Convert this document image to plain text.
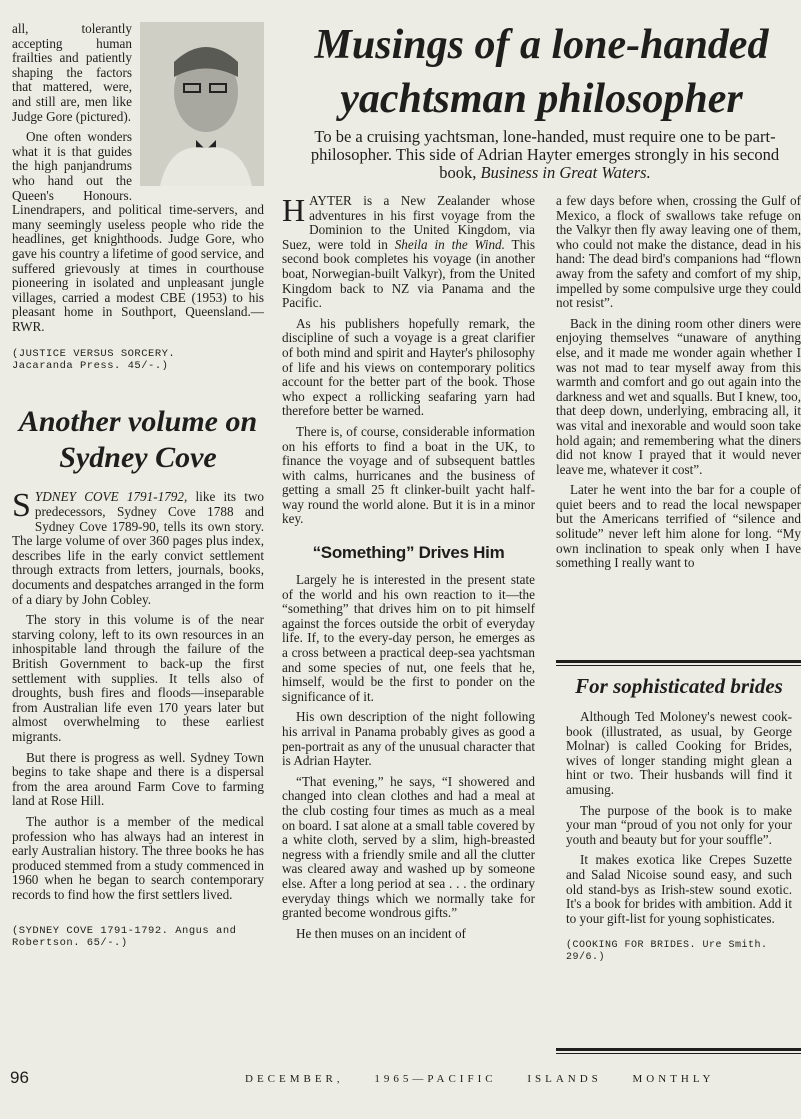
all, tolerantly accepting human frailties and patiently shaping the factors that mattered, were, and still are, men like Judge Gore (pictured).

One often wonders what it is that guides the high panjandrums who hand out the Queen's Honours. Linendrapers, and political time-servers, and many seemingly useless people who ride the headlines, get knighthoods. Judge Gore, who gave his country a lifetime of good service, and suffered grievously at times in courthouse pioneering in isolated and unpleasant jungle villages, carried a modest CBE (1953) to his pleasant home in Southport, Queensland.—RWR.

(JUSTICE VERSUS SORCERY.
Jacaranda Press. 45/-.)
Another volume on Sydney Cove

SYDNEY COVE 1791-1792, like its two predecessors, Sydney Cove 1788 and Sydney Cove 1789-90, tells its own story. The large volume of over 360 pages plus index, describes life in the early convict settlement through extracts from letters, journals, books, documents and despatches arranged in the form of a diary by John Cobley.

The story in this volume is of the near starving colony, left to its own resources in an inhospitable land through the failure of the British Government to back-up the first settlement with supplies. It tells also of droughts, bush fires and floods—inseparable from Australian life even 170 years later but almost overwhelming to these earliest migrants.

But there is progress as well. Sydney Town begins to take shape and there is a dispersal from the area around Farm Cove to farming land at Rose Hill.

The author is a member of the medical profession who has always had an interest in early Australian history. The three books he has produced stemmed from a study commenced in 1960 when he began to search contemporary records to find how the first settlers lived.

(SYDNEY COVE 1791-1792. Angus and Robertson. 65/-.)
Musings of a lone-handed yachtsman philosopher

To be a cruising yachtsman, lone-handed, must require one to be part-philosopher. This side of Adrian Hayter emerges strongly in his second book, Business in Great Waters.

HAYTER is a New Zealander whose adventures in his first voyage from the Dominion to the United Kingdom, via Suez, were told in Sheila in the Wind. This second book completes his voyage (in another boat, Norwegian-built Valkyr), from the United Kingdom back to NZ via Panama and the Pacific.

As his publishers hopefully remark, the discipline of such a voyage is a great clarifier of both mind and spirit and Hayter's philosophy of life and his views on contemporary politics account for the better part of the book. Those who expect a rollicking seafaring yarn had therefore better be warned.

There is, of course, considerable information on his efforts to find a boat in the UK, to finance the voyage and of subsequent battles with calms, hurricanes and the business of getting a small 25 ft clinker-built yacht half-way round the world alone. But it is in a minor key.

“Something” Drives Him

Largely he is interested in the present state of the world and his own reaction to it—the “something” that drives him on to pit himself against the forces outside the orbit of everyday life. If, to the every-day person, he emerges as a cross between a practical deep-sea yachtsman and some species of nut, one feels that he, himself, would be the first to ponder on the significance of it.

His own description of the night following his arrival in Panama probably gives as good a pen-portrait as any of the unusual character that is Adrian Hayter.

“That evening,” he says, “I showered and changed into clean clothes and had a meal at the club costing four times as much as a meal on board. I sat alone at a small table covered by a white cloth, served by a slim, high-breasted negress with a friendly smile and all the clutter was cleared away and washed up by someone else. After a long period at sea . . . the ordinary everyday things which we normally take for granted become wondrous gifts.”

He then muses on an incident of

a few days before when, crossing the Gulf of Mexico, a flock of swallows take refuge on the Valkyr then fly away leaving one of them, who could not make the distance, dead in his hand: The dead bird's companions had “flown away from the safety and comfort of my ship, impelled by some compulsive urge they could not resist”.

Back in the dining room other diners were enjoying themselves “unaware of anything else, and it made me wonder again whether I was not mad to tear myself away from this warmth and comfort and go out again into the darkness and wet and squalls. But I knew, too, that deep down, underlying, embracing all, it was vital and inexorable and would soon take hold again; and remembering what the diners did not know I prayed that it would never leave me, whatever it cost”.

Later he went into the bar for a couple of quiet beers and to read the local newspaper but the Americans terrified of “silence and solitude” never left him alone for long. “My own inclination to speak only when I have something I really want to

For sophisticated brides

Although Ted Moloney's newest cook-book (illustrated, as usual, by George Molnar) is called Cooking for Brides, wives of longer standing might glean a hint or two. Their husbands will find it amusing.

The purpose of the book is to make your man “proud of you not only for your youth and beauty but for your souffle”.

It makes exotica like Crepes Suzette and Salad Nicoise sound easy, and such old stand-bys as Irish-stew sound exotic. It's a book for brides with ambition. Add it to your gift-list for young sophisticates.

(COOKING FOR BRIDES. Ure Smith. 29/6.)
96	DECEMBER,	1965—PACIFIC	ISLANDS	MONTHLY
